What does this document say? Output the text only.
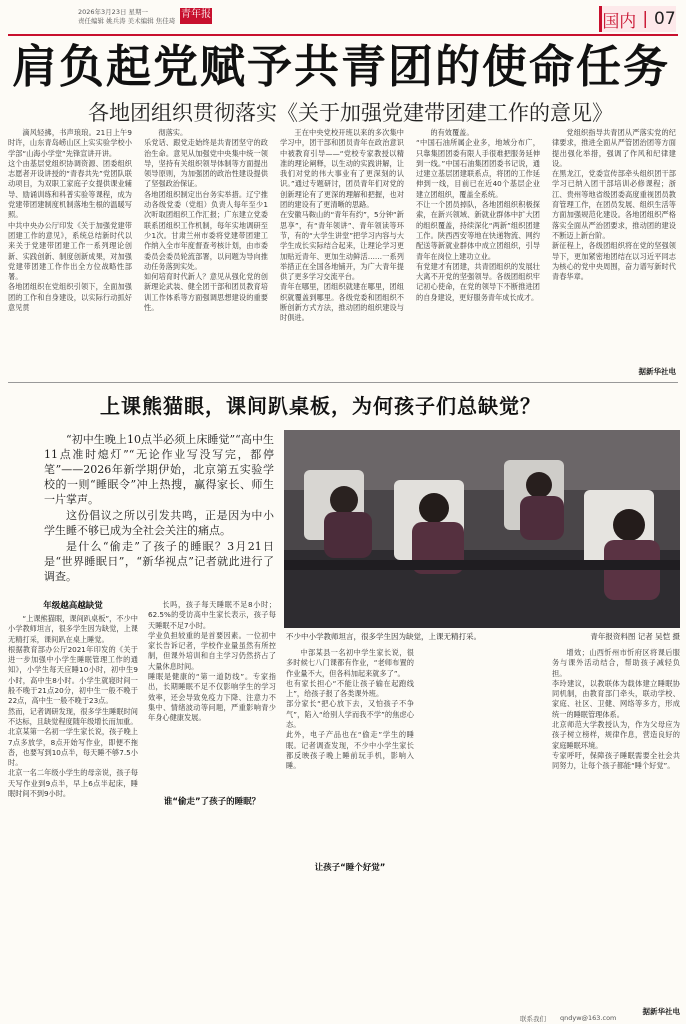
2026年3月23日 星期一
责任编辑 姚兵涛 美术编辑 焦佳琦
青年报	国内 | 07
肩负起党赋予共青团的使命任务
各地团组织贯彻落实《关于加强党建带团建工作的意见》

滴风轻拂，书声琅琅。21日上午9时许，山东青岛崂山区上实实验学校小学部“山海小学堂”先锋宣讲开讲。
这个由基层党组织协调资源、团委组织志愿者开设讲授的“青春共先”党团队联动项目，为双职工家庭子女提供课业辅导、励诵训练和科普实验等课程，成为党建带团建制度机制落地生根的温暖写照。
中共中央办公厅印发《关于加强党建带团建工作的意见》，系统总结新时代以来关于党建带团建工作一系列理论创新、实践创新、制度创新成果，对加强党建带团建工作作出全方位战略性部署。
各地团组织在党组织引领下，全面加强团的工作和自身建设，以实际行动抓好意见贯

彻落实。
乐党话、跟党走始终是共青团坚守的政治生命。意见从加强党中央集中统一领导，坚持有关组织领导体制等方面提出领导原则，为加强团的政治性建设提供了坚强政治保证。
各地团组织制定出台务实举措。辽宁推动各级党委（党组）负责人每年至少1次听取团组织工作汇报；广东建立党委联系团组织工作机制，每年实地调研至少1次。甘肃兰州市委将党建带团建工作纳入全市年度督查考核计划，由市委委员会委员轮流部署，以问题为导向推动任务落到实处。
如何培育时代新人？意见从强化党的创新理论武装、健全团干部和团员教育培训工作体系等方面强调思想建设的重要性。

王在中央党校开班以来的多次集中学习中，团干部和团员青年在政治意识中被教育引导——“党校专家教授以精准的理论阐释，以生动的实践讲解，让我们对党的伟大事业有了更深刻的认识。”通过专题研讨，团员青年们对党的创新理论有了更深的理解和把握，也对团的建设有了更清晰的思路。
在安徽马鞍山的“青年有约”，5分钟“新思享”，有“青年领讲”、青年领读等环节，有的“大学生讲堂”把学习内容与大学生成长实际结合起来，让理论学习更加贴近青年、更加生动鲜活……一系列举措正在全国各地铺开，为广大青年提供了更多学习交流平台。
青年在哪里，团组织就建在哪里，团组织就覆盖到哪里。各级党委和团组织不断创新方式方法，推动团的组织建设与时俱进。

的有效覆盖。
“中国石油所属企业多，地域分布广，只靠集团团委有限人手很难把服务延伸到一线。”中国石油集团团委书记说，通过建立基层团建联系点，将团的工作延伸到一线，目前已在近40个基层企业建立团组织，覆盖全系统。
不让一个团员掉队，各地团组织积极探索，在新兴领域、新就业群体中扩大团的组织覆盖，持续深化“两新”组织团建工作。陕西西安等地在快递物流、网约配送等新就业群体中成立团组织，引导青年在岗位上建功立业。
有党建才有团建，共青团组织的发展壮大离不开党的坚强领导。各级团组织牢记初心使命，在党的领导下不断推进团的自身建设，更好服务青年成长成才。

党组织指导共青团从严落实党的纪律要求，推进全面从严管团治团等方面提出强化举措，强调了作风和纪律建设。
在黑龙江，党委宣传部牵头组织团干部学习已纳入团干部培训必修课程；浙江、贵州等地省级团委高度重视团员教育管理工作，在团员发展、组织生活等方面加强规范化建设。各地团组织严格落实全面从严治团要求，推动团的建设不断迈上新台阶。
新征程上，各级团组织将在党的坚强领导下，更加紧密地团结在以习近平同志为核心的党中央周围，奋力谱写新时代青春华章。

据新华社电
上课熊猫眼，课间趴桌板，为何孩子们总缺觉？

“初中生晚上10点半必须上床睡觉”“高中生11点准时熄灯”“无论作业写没写完，都停笔”——2026年新学期伊始，北京第五实验学校的一则“睡眠令”冲上热搜，赢得家长、师生一片掌声。

这份倡议之所以引发共鸣，正是因为中小学生睡不够已成为全社会关注的痛点。

是什么“偷走”了孩子的睡眠？3月21日是“世界睡眠日”，“新华视点”记者就此进行了调查。

不少中小学教师坦言，很多学生因为缺觉，上课无精打采。	青年报资料图 记者 吴恺 摄
年级越高越缺觉

“上课熊猫眼，课间趴桌板”，不少中小学教师坦言，很多学生因为缺觉，上课无精打采，课间趴在桌上睡觉。
根据教育部办公厅2021年印发的《关于进一步加强中小学生睡眠管理工作的通知》，小学生每天应睡10小时，初中生9小时，高中生8小时。小学生就寝时间一般不晚于21点20分，初中生一般不晚于22点，高中生一般不晚于23点。
然而，记者调研发现，很多学生睡眠时间不达标，且缺觉程度随年级增长而加重。
北京某第一名初一学生家长说，孩子晚上7点多放学，8点开始写作业，即便不拖沓，也要写到10点半，每天睡不够7.5小时。
北京一名二年级小学生的母亲说，孩子每天写作业到9点半，早上6点半起床，睡眠时间不到9小时。

长吗，孩子每天睡眠不足8小时；62.5%的受访高中生家长表示，孩子每天睡眠不足7小时。
学业负担较重的是首要因素。一位初中家长告诉记者，学校作业量虽然有所控制，但课外培训和自主学习仍然挤占了大量休息时间。
睡眠是健康的“第一道防线”。专家指出，长期睡眠不足不仅影响学生的学习效率，还会导致免疫力下降、注意力不集中、情绪波动等问题，严重影响青少年身心健康发展。

谁“偷走”了孩子的睡眠？

中部某县一名初中学生家长说，很多时候七八门课都有作业，“老师布置的作业量不大，但各科加起来就多了”。
也有家长担心“不能让孩子输在起跑线上”，给孩子报了各类课外班。
部分家长“把心放下去，又怕孩子不争气”，陷入“给别人学而我不学”的焦虑心态。
此外，电子产品也在“偷走”学生的睡眠。记者调查发现，不少中小学生家长都反映孩子晚上睡前玩手机，影响入睡。

让孩子“睡个好觉”

增效；山西忻州市忻府区将课后服务与课外活动结合，帮助孩子减轻负担。
李玲建议，以教联体为载体建立睡眠协同机制，由教育部门牵头，联动学校、家庭、社区、卫健、网络等多方，形成统一的睡眠管理体系。
北京师范大学教授认为，作为父母应为孩子树立榜样，规律作息，营造良好的家庭睡眠环境。
专家呼吁，保障孩子睡眠需要全社会共同努力，让每个孩子都能“睡个好觉”。

据新华社电
联系我们 qndyw@163.com
